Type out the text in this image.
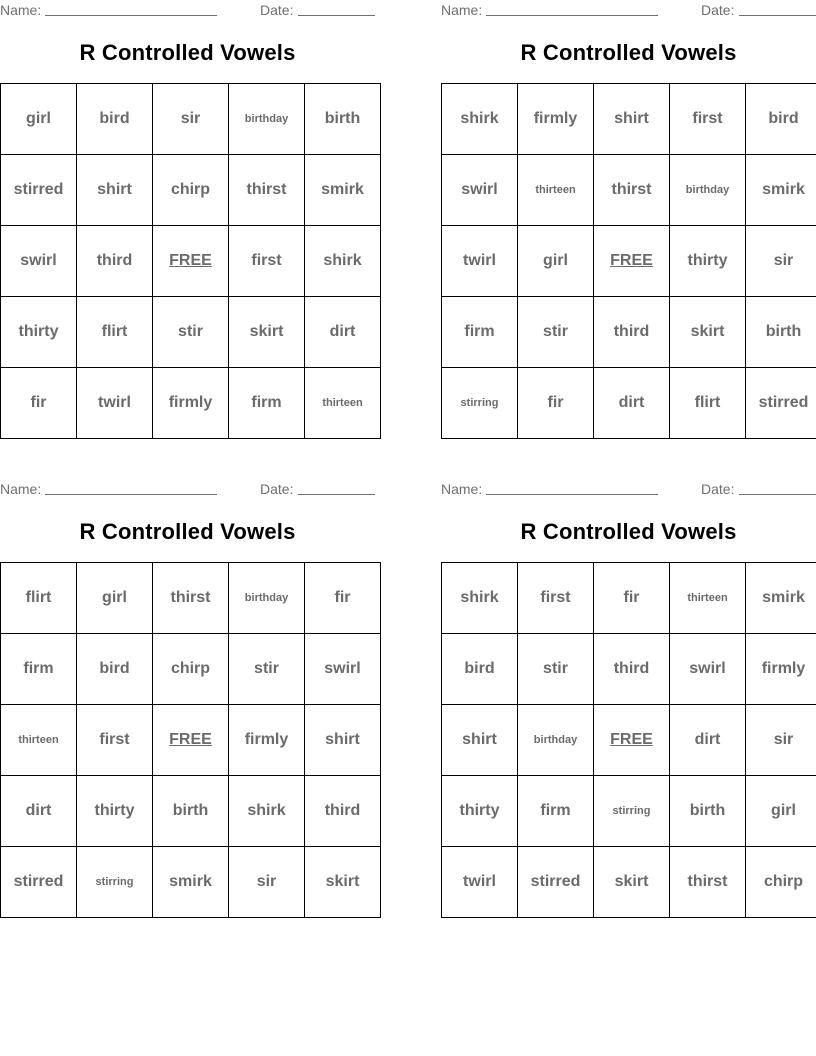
Name:	Date:
R Controlled Vowels
girl	bird	sir	birthday	birth
stirred	shirt	chirp	thirst	smirk
swirl	third	FREE	first	shirk
thirty	flirt	stir	skirt	dirt
fir	twirl	firmly	firm	thirteen
Name:	Date:
R Controlled Vowels
shirk	firmly	shirt	first	bird
swirl	thirteen	thirst	birthday	smirk
twirl	girl	FREE	thirty	sir
firm	stir	third	skirt	birth
stirring	fir	dirt	flirt	stirred
Name:	Date:
R Controlled Vowels
flirt	girl	thirst	birthday	fir
firm	bird	chirp	stir	swirl
thirteen	first	FREE	firmly	shirt
dirt	thirty	birth	shirk	third
stirred	stirring	smirk	sir	skirt
Name:	Date:
R Controlled Vowels
shirk	first	fir	thirteen	smirk
bird	stir	third	swirl	firmly
shirt	birthday	FREE	dirt	sir
thirty	firm	stirring	birth	girl
twirl	stirred	skirt	thirst	chirp
